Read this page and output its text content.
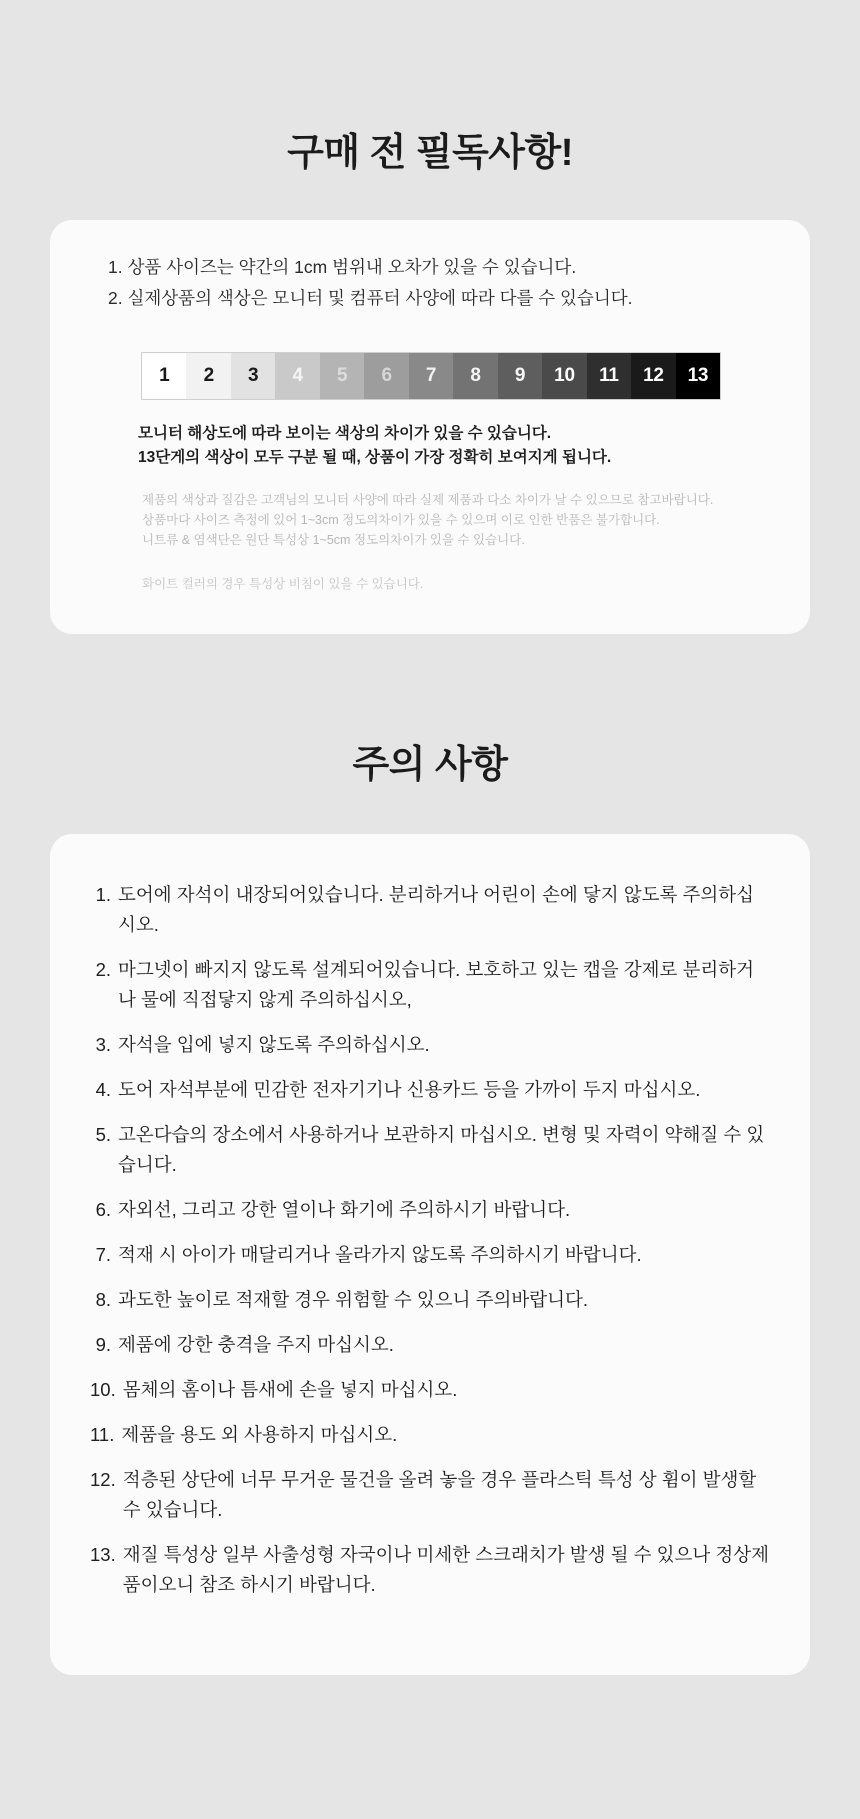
구매 전 필독사항!
1. 상품 사이즈는 약간의 1cm 범위내 오차가 있을 수 있습니다.
2. 실제상품의 색상은 모니터 및 컴퓨터 사양에 따라 다를 수 있습니다.
1	2	3	4	5	6	7	8	9	10	11	12	13
모니터 해상도에 따라 보이는 색상의 차이가 있을 수 있습니다.
13단게의 색상이 모두 구분 될 때, 상품이 가장 정확히 보여지게 됩니다.
제품의 색상과 질감은 고객님의 모니터 사양에 따라 실제 제품과 다소 차이가 날 수 있으므로 참고바랍니다.
상품마다 사이즈 측정에 있어 1~3cm 정도의차이가 있을 수 있으며 이로 인한 반품은 불가합니다.
니트류 & 염색단은 원단 특성상 1~5cm 정도의차이가 있을 수 있습니다.
화이트 컬러의 경우 특성상 비침이 있을 수 있습니다.
주의 사항
1. 도어에 자석이 내장되어있습니다. 분리하거나 어린이 손에 닿지 않도록 주의하십시오.
2. 마그넷이 빠지지 않도록 설계되어있습니다. 보호하고 있는 캡을 강제로 분리하거나 물에 직접닿지 않게 주의하십시오,
3. 자석을 입에 넣지 않도록 주의하십시오.
4. 도어 자석부분에 민감한 전자기기나 신용카드 등을 가까이 두지 마십시오.
5. 고온다습의 장소에서 사용하거나 보관하지 마십시오. 변형 및 자력이 약해질 수 있습니다.
6. 자외선, 그리고 강한 열이나 화기에 주의하시기 바랍니다.
7. 적재 시 아이가 매달리거나 올라가지 않도록 주의하시기 바랍니다.
8. 과도한 높이로 적재할 경우 위험할 수 있으니 주의바랍니다.
9. 제품에 강한 충격을 주지 마십시오.
10. 몸체의 홈이나 틈새에 손을 넣지 마십시오.
11. 제품을 용도 외 사용하지 마십시오.
12. 적층된 상단에 너무 무거운 물건을 올려 놓을 경우 플라스틱 특성 상 휨이 발생할 수 있습니다.
13. 재질 특성상 일부 사출성형 자국이나 미세한 스크래치가 발생 될 수 있으나 정상제품이오니 참조 하시기 바랍니다.
